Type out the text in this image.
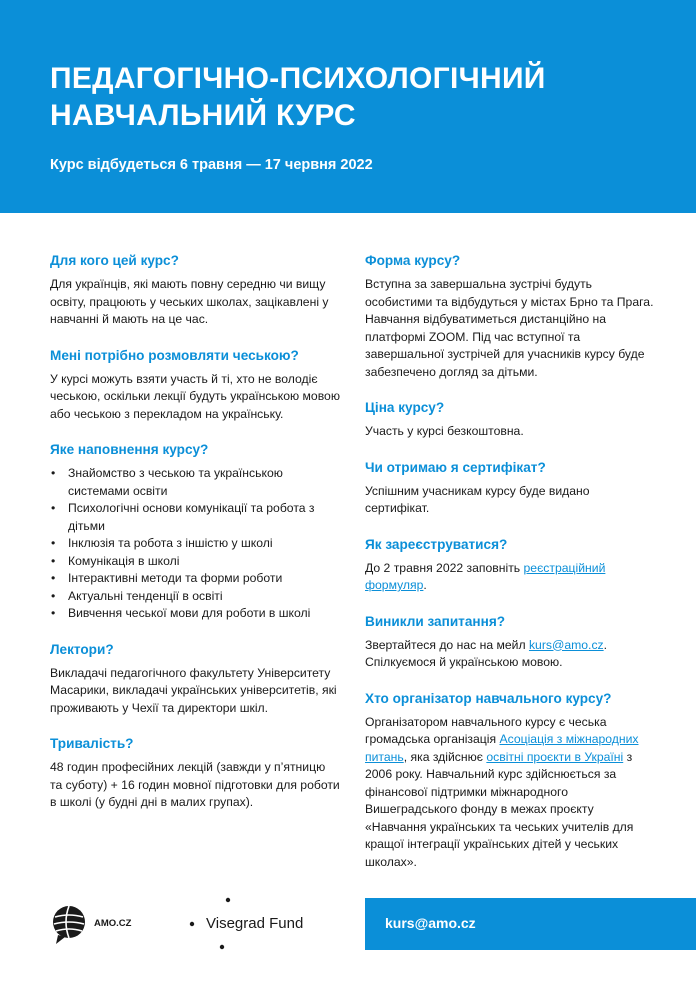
ПЕДАГОГІЧНО-ПСИХОЛОГІЧНИЙ
НАВЧАЛЬНИЙ КУРС
Курс відбудеться 6 травня — 17 червня 2022
Для кого цей курс?

Для українців, які мають повну середню чи вищу освіту, працюють у чеських школах, зацікавлені у навчанні й мають на це час.

Мені потрібно розмовляти чеською?

У курсі можуть взяти участь й ті, хто не володіє чеською, оскільки лекції будуть українською мовою або чеською з перекладом на українську.

Яке наповнення курсу?
• Знайомство з чеською та українською системами освіти
• Психологічні основи комунікації та робота з дітьми
• Інклюзія та робота з іншістю у школі
• Комунікація в школі
• Інтерактивні методи та форми роботи
• Актуальні тенденції в освіті
• Вивчення чеської мови для роботи в школі
Лектори?

Викладачі педагогічного факультету Університету Масарики, викладачі українських університетів, які проживають у Чехії та директори шкіл.

Тривалість?

48 годин професійних лекцій (завжди у п’ятницю та суботу) + 16 годин мовної підготовки для роботи в школі (у будні дні в малих групах).

Форма курсу?

Вступна за завершальна зустрічі будуть особистими та відбудуться у містах Брно та Прага. Навчання відбуватиметься дистанційно на платформі ZOOM. Під час вступної та завершальної зустрічей для учасників курсу буде забезпечено догляд за дітьми.

Ціна курсу?

Участь у курсі безкоштовна.

Чи отримаю я сертифікат?

Успішним учасникам курсу буде видано сертифікат.

Як зареєструватися?

До 2 травня 2022 заповніть реєстраційний формуляр.

Виникли запитання?

Звертайтеся до нас на мейл kurs@amo.cz. Спілкуємося й українською мовою.

Хто організатор навчального курсу?

Організатором навчального курсу є чеська громадська організація Асоціація з міжнародних питань, яка здійснює освітні проєкти в Україні з 2006 року. Навчальний курс здійснюється за фінансової підтримки міжнародного Вишеградського фонду в межах проєкту «Навчання українських та чеських учителів для кращої інтеграції українських дітей у чеських школах».

AMO.CZ	Visegrad Fund	kurs@amo.cz
